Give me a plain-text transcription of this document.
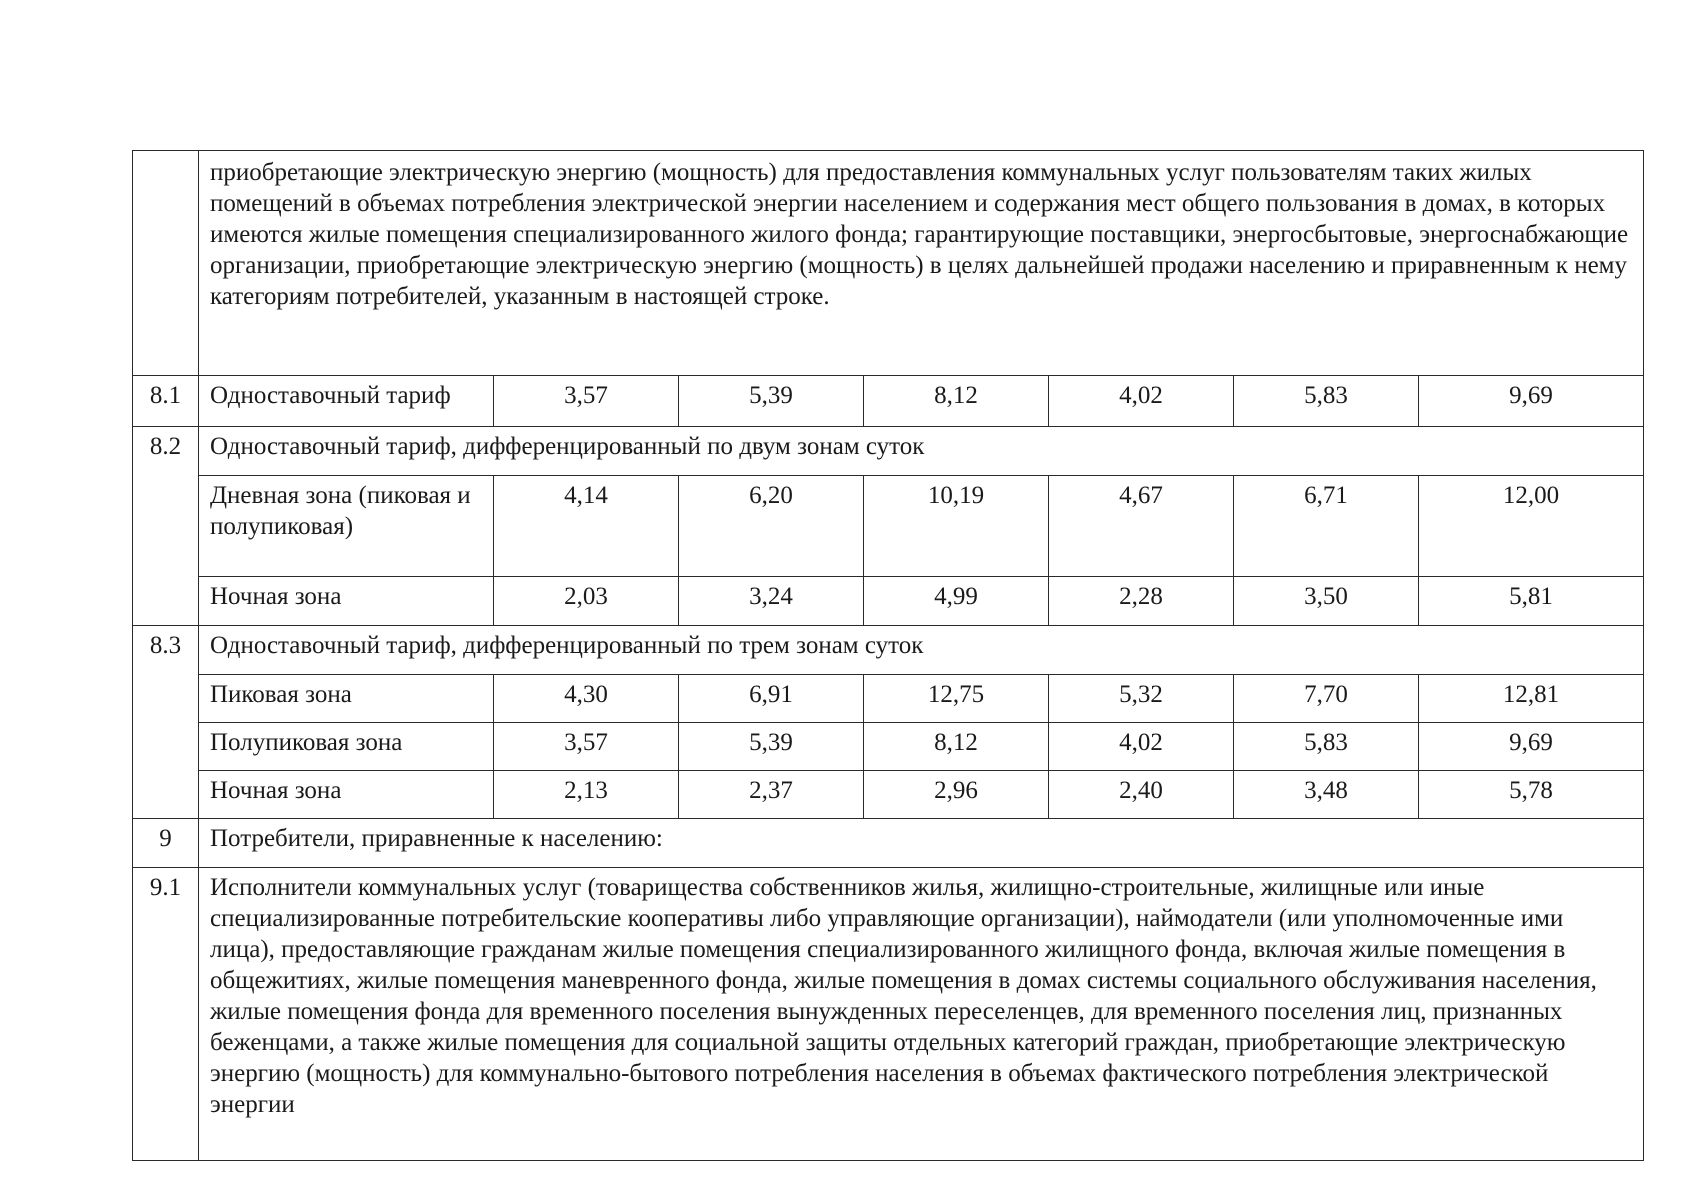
	приобретающие электрическую энергию (мощность) для предоставления коммунальных услуг пользователям таких жилых помещений в объемах потребления электрической энергии населением и содержания мест общего пользования в домах, в которых имеются жилые помещения специализированного жилого фонда; гарантирующие поставщики, энергосбытовые, энергоснабжающие организации, приобретающие электрическую энергию (мощность) в целях дальнейшей продажи населению и приравненным к нему категориям потребителей, указанным в настоящей строке.						
8.1	Одноставочный тариф	3,57	5,39	8,12	4,02	5,83	9,69
8.2	Одноставочный тариф, дифференцированный по двум зонам суток						
	Дневная зона (пиковая и полупиковая)	4,14	6,20	10,19	4,67	6,71	12,00
	Ночная зона	2,03	3,24	4,99	2,28	3,50	5,81
8.3	Одноставочный тариф, дифференцированный по трем зонам суток						
	Пиковая зона	4,30	6,91	12,75	5,32	7,70	12,81
	Полупиковая зона	3,57	5,39	8,12	4,02	5,83	9,69
	Ночная зона	2,13	2,37	2,96	2,40	3,48	5,78
9	Потребители, приравненные к населению:						
9.1	Исполнители коммунальных услуг (товарищества собственников жилья, жилищно-строительные, жилищные или иные специализированные потребительские кооперативы либо управляющие организации), наймодатели (или уполномоченные ими лица), предоставляющие гражданам жилые помещения специализированного жилищного фонда, включая жилые помещения в общежитиях, жилые помещения маневренного фонда, жилые помещения в домах системы социального обслуживания населения, жилые помещения фонда для временного поселения вынужденных переселенцев, для временного поселения лиц, признанных беженцами, а также жилые помещения для социальной защиты отдельных категорий граждан, приобретающие электрическую энергию (мощность) для коммунально-бытового потребления населения в объемах фактического потребления электрической энергии						
